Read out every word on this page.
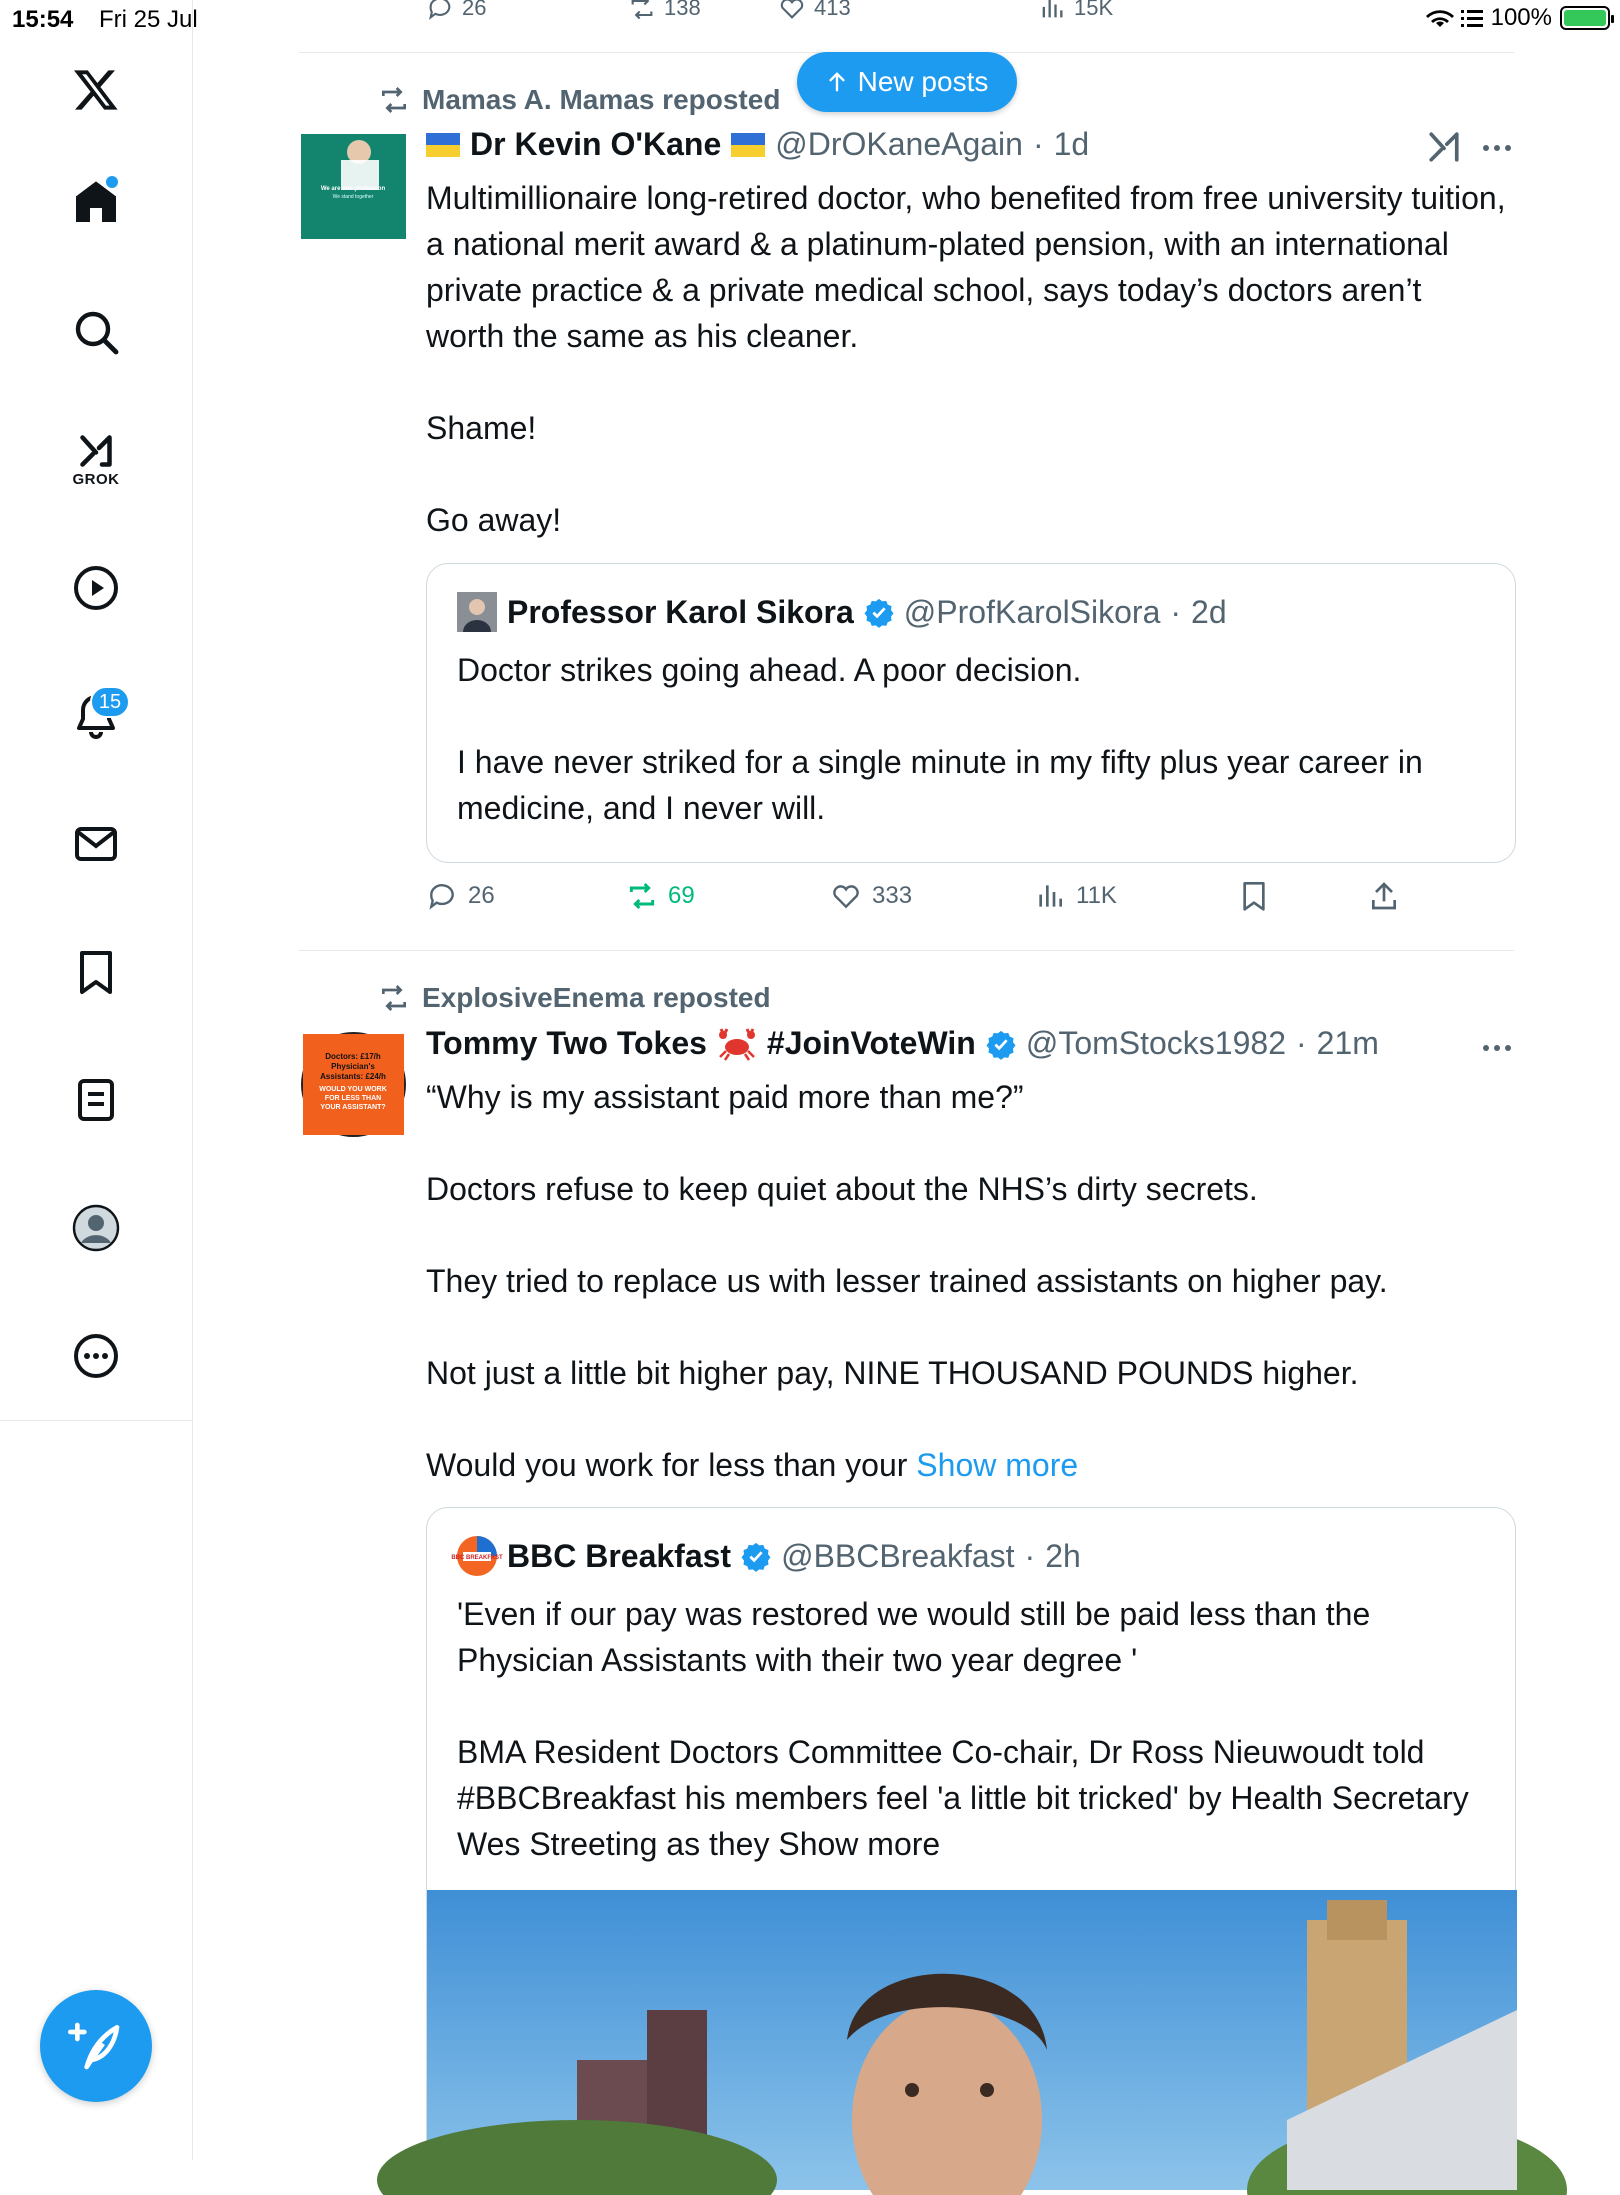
15:54 Fri 25 Jul	100%
GROK
15
New posts
26	138	413	15K
Mamas A. Mamas reposted
We are one profession
We stand together
Dr Kevin O'Kane @DrOKaneAgain · 1d

Multimillionaire long-retired doctor, who benefited from free university tuition, a national merit award & a platinum-plated pension, with an international private practice & a private medical school, says today’s doctors aren’t worth the same as his cleaner.

Shame!

Go away!

Professor Karol Sikora @ProfKarolSikora · 2d

Doctor strikes going ahead. A poor decision.

I have never striked for a single minute in my fifty plus year career in medicine, and I never will.

26	69	333	11K
ExplosiveEnema reposted
Doctors: £17/h
Physician's
Assistants: £24/h
WOULD YOU WORK
FOR LESS THAN
YOUR ASSISTANT?
Tommy Two Tokes #JoinVoteWin @TomStocks1982 · 21m

“Why is my assistant paid more than me?”

Doctors refuse to keep quiet about the NHS’s dirty secrets.

They tried to replace us with lesser trained assistants on higher pay.

Not just a little bit higher pay, NINE THOUSAND POUNDS higher.

Would you work for less than your Show more

BBC BREAKFAST BBC Breakfast @BBCBreakfast · 2h

'Even if our pay was restored we would still be paid less than the Physician Assistants with their two year degree '

BMA Resident Doctors Committee Co-chair, Dr Ross Nieuwoudt told #BBCBreakfast his members feel 'a little bit tricked' by Health Secretary Wes Streeting as they Show more
